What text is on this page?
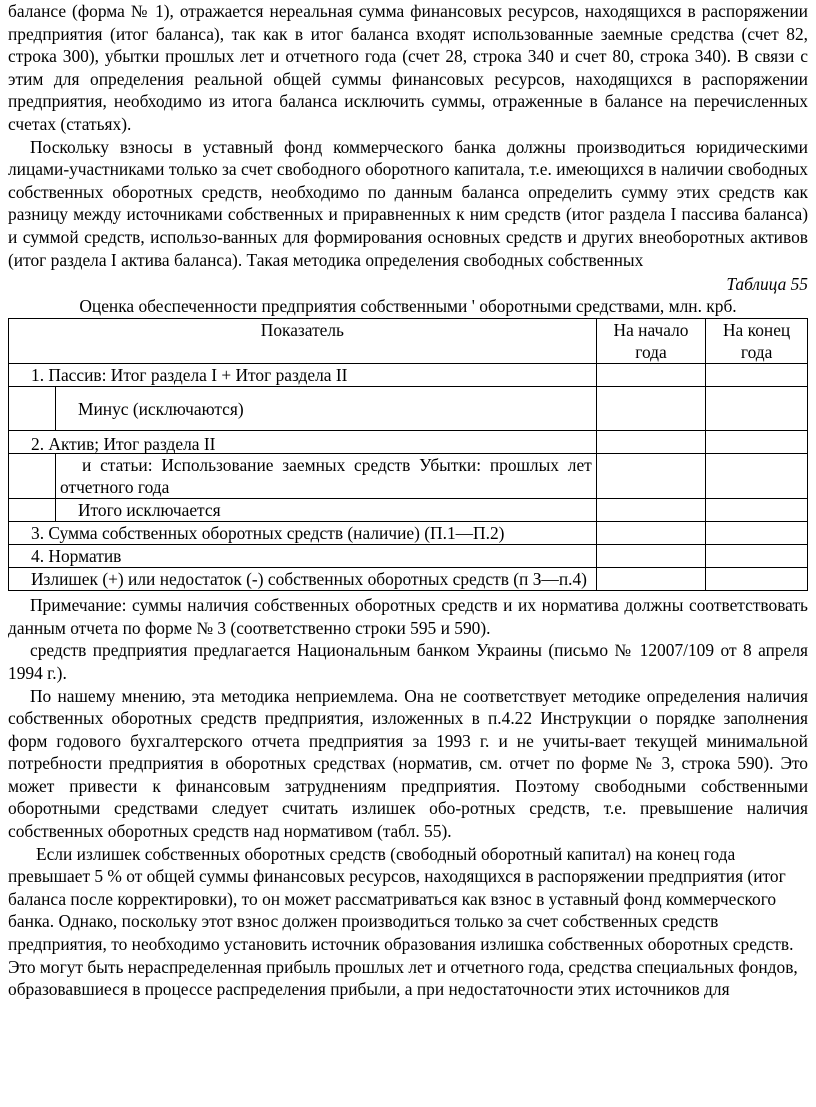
балансе (форма № 1), отражается нереальная сумма финансовых ресурсов, находящихся в распоряжении предприятия (итог баланса), так как в итог баланса входят использованные заемные средства (счет 82, строка 300), убытки прошлых лет и отчетного года (счет 28, строка 340 и счет 80, строка 340). В связи с этим для определения реальной общей суммы финансовых ресурсов, находящихся в распоряжении предприятия, необходимо из итога баланса исключить суммы, отраженные в балансе на перечисленных счетах (статьях).

Поскольку взносы в уставный фонд коммерческого банка должны производиться юридическими лицами-участниками только за счет свободного оборотного капитала, т.е. имеющихся в наличии свободных собственных оборотных средств, необходимо по данным баланса определить сумму этих средств как разницу между источниками собственных и приравненных к ним средств (итог раздела I пассива баланса) и суммой средств, использо-ванных для формирования основных средств и других внеоборотных активов (итог раздела I актива баланса). Такая методика определения свободных собственных

Таблица 55
Оценка обеспеченности предприятия собственными ' оборотными средствами, млн. крб.
Показатель		На начало года	На конец года
1. Пассив: Итог раздела I + Итог раздела II			
	Минус (исключаются)		
2. Актив; Итог раздела II			
	и статьи: Использование заемных средств Убытки: прошлых лет отчетного года		
	Итого исключается		
3. Сумма собственных оборотных средств (наличие) (П.1—П.2)			
4. Норматив			
Излишек (+) или недостаток (-) собственных оборотных средств (п З—п.4)			

Примечание: суммы наличия собственных оборотных средств и их норматива должны соответствовать данным отчета по форме № 3 (соответственно строки 595 и 590).

средств предприятия предлагается Национальным банком Украины (письмо № 12007/109 от 8 апреля 1994 г.).

По нашему мнению, эта методика неприемлема. Она не соответствует методике определения наличия собственных оборотных средств предприятия, изложенных в п.4.22 Инструкции о порядке заполнения форм годового бухгалтерского отчета предприятия за 1993 г. и не учиты-вает текущей минимальной потребности предприятия в оборотных средствах (норматив, см. отчет по форме № 3, строка 590). Это может привести к финансовым затруднениям предприятия. Поэтому свободными собственными оборотными средствами следует считать излишек обо-ротных средств, т.е. превышение наличия собственных оборотных средств над нормативом (табл. 55).

Если излишек собственных оборотных средств (свободный оборотный капитал) на конец года превышает 5 % от общей суммы финансовых ресурсов, находящихся в распоряжении предприятия (итог баланса после корректировки), то он может рассматриваться как взнос в уставный фонд коммерческого банка. Однако, поскольку этот взнос должен производиться только за счет собственных средств предприятия, то необходимо установить источник образования излишка собственных оборотных средств. Это могут быть нераспределенная прибыль прошлых лет и отчетного года, средства специальных фондов, образовавшиеся в процессе распределения прибыли, а при недостаточности этих источников для
